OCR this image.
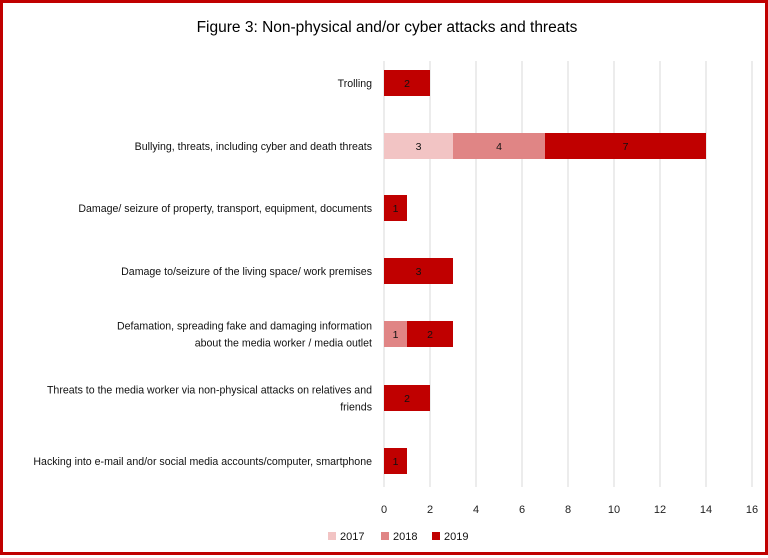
Figure 3: Non-physical and/or cyber attacks and threats
2
3	4	7
1
3
1	2
2
1
Trolling
Bullying, threats, including cyber and death threats
Damage/ seizure of property, transport, equipment, documents
Damage to/seizure of the living space/ work premises
Defamation, spreading fake and damaging information
about the media worker / media outlet
Threats to the media worker via non-physical attacks on relatives and
friends
Hacking into e-mail and/or social media accounts/computer, smartphone
0	2	4	6	8	10	12	14	16
2017	2018 2019
